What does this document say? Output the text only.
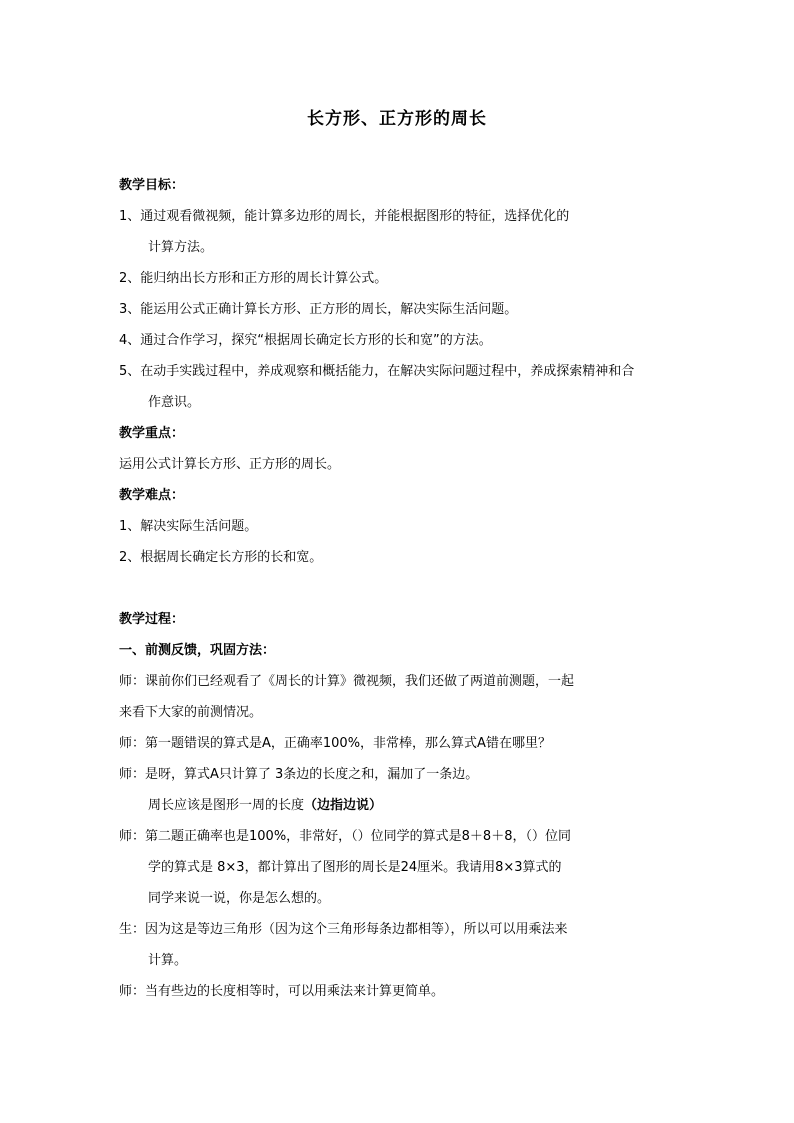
长方形、正方形的周长
教学目标：
1、通过观看微视频，能计算多边形的周长，并能根据图形的特征，选择优化的
计算方法。
2、能归纳出长方形和正方形的周长计算公式。
3、能运用公式正确计算长方形、正方形的周长，解决实际生活问题。
4、通过合作学习，探究“根据周长确定长方形的长和宽”的方法。
5、在动手实践过程中，养成观察和概括能力，在解决实际问题过程中，养成探索精神和合
作意识。
教学重点：
运用公式计算长方形、正方形的周长。
教学难点：
1、解决实际生活问题。
2、根据周长确定长方形的长和宽。
教学过程：
一、前测反馈，巩固方法：
师：课前你们已经观看了《周长的计算》微视频，我们还做了两道前测题，一起
来看下大家的前测情况。
师：第一题错误的算式是A，正确率100%，非常棒，那么算式A错在哪里？
师：是呀，算式A只计算了 3条边的长度之和，漏加了一条边。
周长应该是图形一周的长度（边指边说）
师：第二题正确率也是100%，非常好，（）位同学的算式是8＋8＋8，（）位同
学的算式是 8×3，都计算出了图形的周长是24厘米。我请用8×3算式的
同学来说一说，你是怎么想的。
生：因为这是等边三角形（因为这个三角形每条边都相等），所以可以用乘法来
计算。
师：当有些边的长度相等时，可以用乘法来计算更简单。
